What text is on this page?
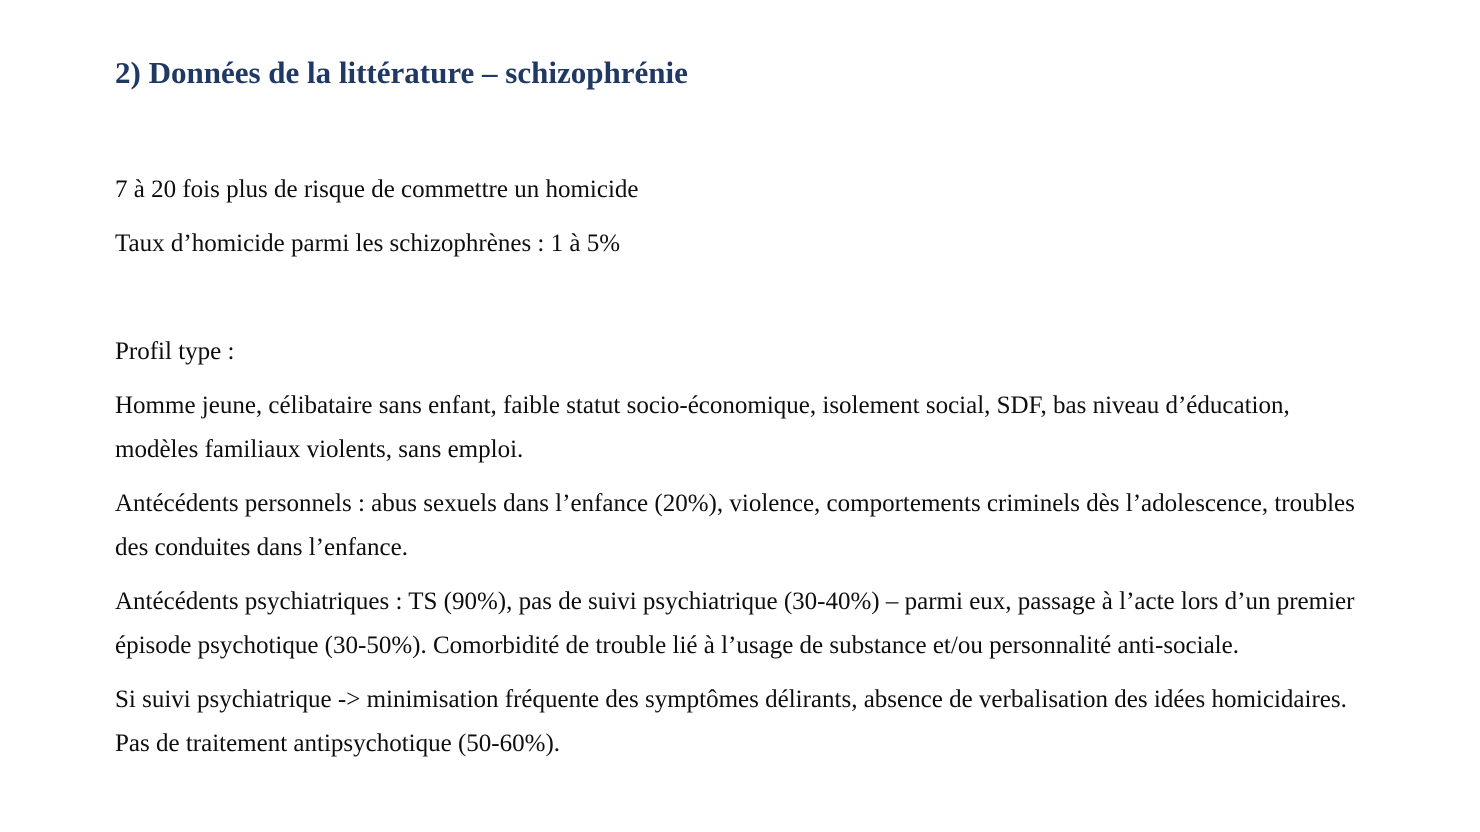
2) Données de la littérature – schizophrénie

7 à 20 fois plus de risque de commettre un homicide

Taux d’homicide parmi les schizophrènes : 1 à 5%

Profil type :

Homme jeune, célibataire sans enfant, faible statut socio-économique, isolement social, SDF, bas niveau d’éducation, modèles familiaux violents, sans emploi.

Antécédents personnels : abus sexuels dans l’enfance (20%), violence, comportements criminels dès l’adolescence, troubles des conduites dans l’enfance.

Antécédents psychiatriques : TS (90%), pas de suivi psychiatrique (30-40%) – parmi eux, passage à l’acte lors d’un premier épisode psychotique (30-50%). Comorbidité de trouble lié à l’usage de substance et/ou personnalité anti-sociale.

Si suivi psychiatrique -> minimisation fréquente des symptômes délirants, absence de verbalisation des idées homicidaires. Pas de traitement antipsychotique (50-60%).
